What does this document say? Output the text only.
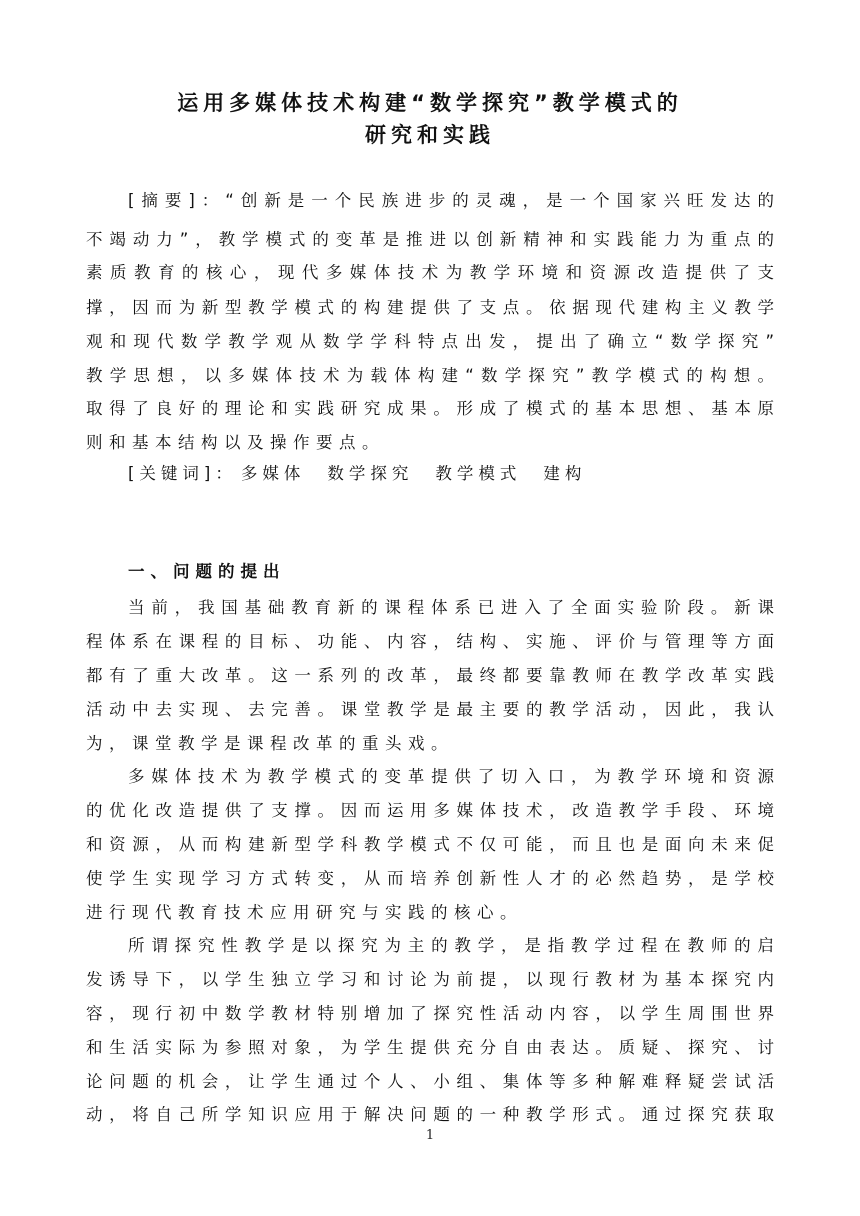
运用多媒体技术构建“数学探究”教学模式的
研究和实践
[摘要]：“创新是一个民族进步的灵魂，是一个国家兴旺发达的
不竭动力”，教学模式的变革是推进以创新精神和实践能力为重点的
素质教育的核心，现代多媒体技术为教学环境和资源改造提供了支
撑，因而为新型教学模式的构建提供了支点。依据现代建构主义教学
观和现代数学教学观从数学学科特点出发，提出了确立“数学探究”
教学思想，以多媒体技术为载体构建“数学探究”教学模式的构想。
取得了良好的理论和实践研究成果。形成了模式的基本思想、基本原
则和基本结构以及操作要点。
[关键词]： 多媒体 数学探究 教学模式 建构
一、问题的提出
当前，我国基础教育新的课程体系已进入了全面实验阶段。新课
程体系在课程的目标、功能、内容，结构、实施、评价与管理等方面
都有了重大改革。这一系列的改革，最终都要靠教师在教学改革实践
活动中去实现、去完善。课堂教学是最主要的教学活动，因此，我认
为，课堂教学是课程改革的重头戏。
多媒体技术为教学模式的变革提供了切入口，为教学环境和资源
的优化改造提供了支撑。因而运用多媒体技术，改造教学手段、环境
和资源，从而构建新型学科教学模式不仅可能，而且也是面向未来促
使学生实现学习方式转变，从而培养创新性人才的必然趋势，是学校
进行现代教育技术应用研究与实践的核心。
所谓探究性教学是以探究为主的教学，是指教学过程在教师的启
发诱导下，以学生独立学习和讨论为前提，以现行教材为基本探究内
容，现行初中数学教材特别增加了探究性活动内容，以学生周围世界
和生活实际为参照对象，为学生提供充分自由表达。质疑、探究、讨
论问题的机会，让学生通过个人、小组、集体等多种解难释疑尝试活
动，将自己所学知识应用于解决问题的一种教学形式。通过探究获取
1
